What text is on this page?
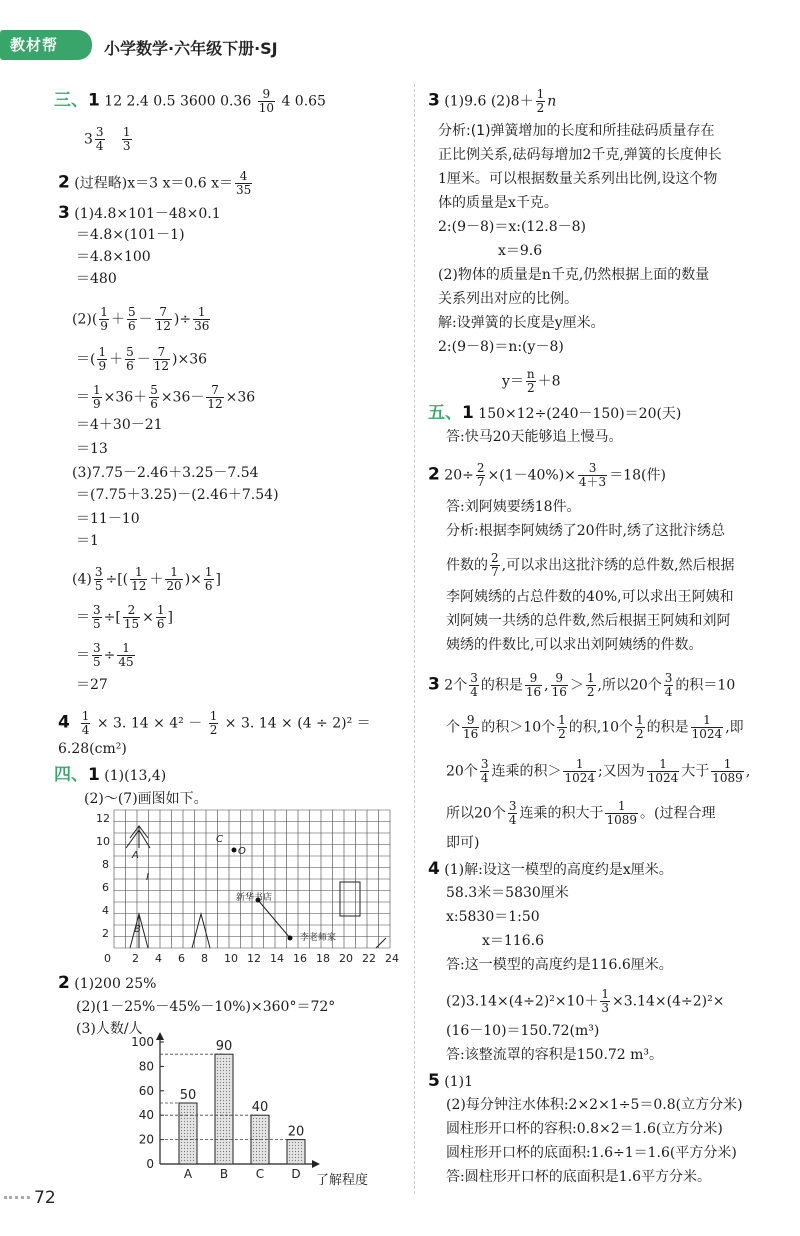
教材帮	小学数学·六年级下册·SJ
三、1 12 2.4 0.5 3600 $0.36 \frac{9}{10} 4$ 0.65
$3 \frac{3}{4}$
$\frac{1}{3}$
2 (过程略)x＝3 x＝0.6 $x= \frac{4}{35}$
3 (1)4.8×101－48×0.1
＝4.8×(101－1)
＝4.8×100
＝480
$(2)( \frac{1}{9} + \frac{5}{6} - \frac{7}{12}$ )÷ $\frac{1}{36}$
＝( $\frac{1}{9} + \frac{5}{6} - \frac{7}{12} )\times 36$
＝ $\frac{1}{9} \times 36+ \frac{5}{6} \times 36- \frac{7}{12} \times 36$
＝4＋30－21
＝13
(3)7.75－2.46＋3.25－7.54
＝(7.75＋3.25)－(2.46＋7.54)
＝11－10
＝1
$(4) \frac{3}{5}$ ÷[( $\frac{1}{12} + \frac{1}{20}$ )× $\frac{1}{6}$ ]
＝ $\frac{3}{5}$ ÷[ $\frac{2}{15} \times \frac{1}{6}$ ]
＝ $\frac{3}{5} \div \frac{1}{45}$
＝27
$4 \frac{1}{4} \times 3$. $14 \times 4^2 - \frac{1}{2} \times 3$. 14 × (4 ÷ 2)² ＝
6.28(cm²)
四、1 (1)(13,4)
(2)～(7)画图如下。
12
10
8
6
4
2
0 2 4 6 8 10 12 14 16 18 20 22 24
A
B
C
O
I
新华书店
李老师家
2 (1)200 25%
(2)(1－25%－45%－10%)×360°＝72°
(3)人数/人
0
20
40
60
80
100
50
A
90
B
40
C
20
D 了解程度
72
3 (1)9.6 $(2)8+ \frac{1}{2}$ n
分析:(1)弹簧增加的长度和所挂砝码质量存在
正比例关系,砝码每增加2千克,弹簧的长度伸长
1厘米。可以根据数量关系列出比例,设这个物
体的质量是x千克。
2:(9－8)＝x:(12.8－8)
x＝9.6
(2)物体的质量是n千克,仍然根据上面的数量
关系列出对应的比例。
解:设弹簧的长度是y厘米。
2:(9－8)＝n:(y－8)
$y= \frac{n}{2} +8$
五、1 150×12÷(240－150)＝20(天)
答:快马20天能够追上慢马。
2 $20\div \frac{2}{7} \times(1-40\%)\times \frac{3}{4+3} =18$(件)
答:刘阿姨要绣18件。
分析:根据李阿姨绣了20件时,绣了这批汴绣总
件数的 $\frac{2}{7}$ ,可以求出这批汴绣的总件数,然后根据
李阿姨绣的占总件数的40%,可以求出王阿姨和
刘阿姨一共绣的总件数,然后根据王阿姨和刘阿
姨绣的件数比,可以求出刘阿姨绣的件数。
3 2个 $\frac{3}{4}$ 的积是 $\frac{9}{16}$ , $\frac{9}{16} > \frac{1}{2}$ ,所以20个 $\frac{3}{4}$ 的积＝10
个 $\frac{9}{16}$ 的积＞10个 $\frac{1}{2}$ 的积,10个 $\frac{1}{2}$ 的积是 $\frac{1}{1024}$ ,即
20个 $\frac{3}{4}$ 连乘的积＞ $\frac{1}{1024}$ ;又因为 $\frac{1}{1024}$ 大于 $\frac{1}{1089}$ ,
所以20个 $\frac{3}{4}$ 连乘的积大于 $\frac{1}{1089}$ 。(过程合理
即可)
4 (1)解:设这一模型的高度约是x厘米。
58.3米＝5830厘米
x:5830＝1:50
x＝116.6
答:这一模型的高度约是116.6厘米。
$(2)3.14\times(4\div 2)^2\times 10+ \frac{1}{3} \times 3.14\times(4\div 2)^2\times$
(16－10)＝150.72(m³)
答:该整流罩的容积是150.72 m³。
5 (1)1
(2)每分钟注水体积:2×2×1÷5＝0.8(立方分米)
圆柱形开口杯的容积:0.8×2＝1.6(立方分米)
圆柱形开口杯的底面积:1.6÷1＝1.6(平方分米)
答:圆柱形开口杯的底面积是1.6平方分米。
